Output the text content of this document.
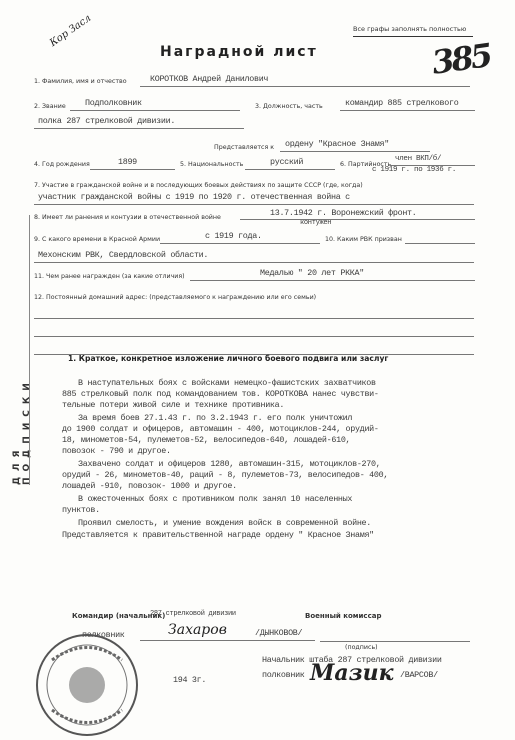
Все графы заполнять полностью
Кор Засл
385
Наградной лист
1. Фамилия, имя и отчество	КОРОТКОВ Андрей Данилович
2. Звание Подполковник	3. Должность, часть	командир 885 стрелкового
полка 287 стрелковой дивизии.
Представляется к ордену "Красное Знамя"
4. Год рождения	1899	5. Национальность	русский	6. Партийность
член ВКП/б/
с 1919 г. по 1936 г.
7. Участие в гражданской войне и в последующих боевых действиях по защите СССР (где, когда)
участник гражданской войны с 1919 по 1920 г. отечественная война с
8. Имеет ли ранения и контузии в отечественной войне	13.7.1942 г. Воронежский фронт.
контужен
9. С какого времени в Красной Армии	с 1919 года.	10. Каким РВК призван
Мехонским РВК, Свердловской области.
11. Чем ранее награжден (за какие отличия)	Медалью " 20 лет РККА"
12. Постоянный домашний адрес: (представляемого к награждению или его семьи)
1. Краткое, конкретное изложение личного боевого подвига или заслуг
В наступательных боях с войсками немецко-фашистских захватчиков
885 стрелковый полк под командованием тов. КОРОТКОВА нанес чувстви-
тельные потери живой силе и технике противника.
За время боев 27.1.43 г. по 3.2.1943 г. его полк уничтожил
до 1900 солдат и офицеров, автомашин - 400, мотоциклов-244, орудий-
18, минометов-54, пулеметов-52, велосипедов-640, лошадей-610,
повозок - 790 и другое.
Захвачено солдат и офицеров 1280, автомашин-315, мотоциклов-270,
орудий - 26, минометов-40, раций - 8, пулеметов-73, велосипедов- 400,
лошадей -910, повозок- 1000 и другое.
В ожесточенных боях с противником полк занял 10 населенных
пунктов.
Проявил смелость, и умение вождения войск в современной войне.
Представляется к правительственной награде ордену " Красное Знамя"
Командир (начальник)
287 стрелковой дивизии	Военный комиссар
полковник	Захаров	/ДЫНКОВОВ/
(подпись)
194 3г.
Начальник штаба 287 стрелковой дивизии
полковник Мазик /ВАРСОВ/
ДЛЯ ПОДПИСКИ
